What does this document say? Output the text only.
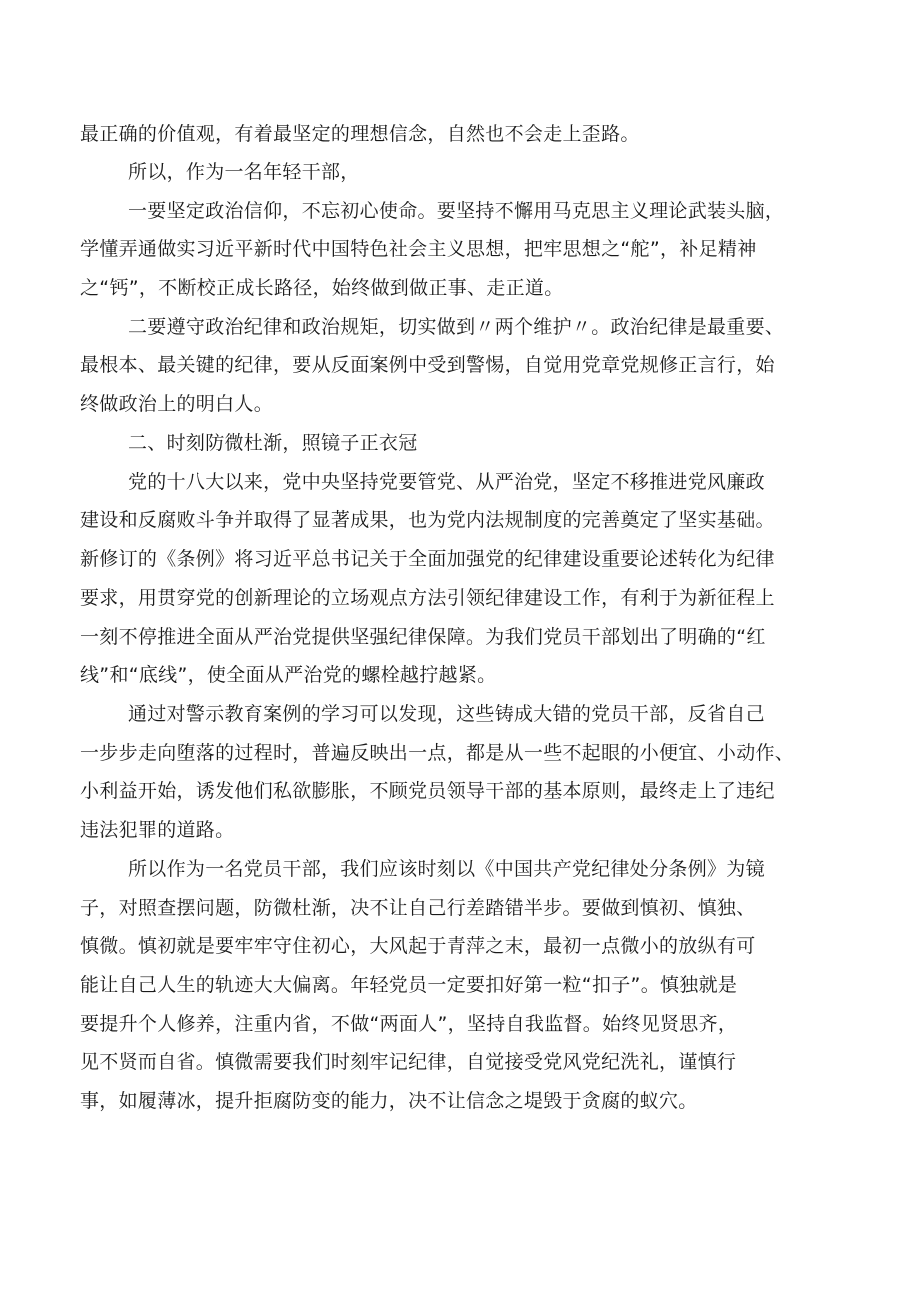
最正确的价值观，有着最坚定的理想信念，自然也不会走上歪路。
所以，作为一名年轻干部，
一要坚定政治信仰，不忘初心使命。要坚持不懈用马克思主义理论武装头脑，
学懂弄通做实习近平新时代中国特色社会主义思想，把牢思想之“舵”，补足精神
之“钙”，不断校正成长路径，始终做到做正事、走正道。
二要遵守政治纪律和政治规矩，切实做到〃两个维护〃。政治纪律是最重要、
最根本、最关键的纪律，要从反面案例中受到警惕，自觉用党章党规修正言行，始
终做政治上的明白人。
二、时刻防微杜渐，照镜子正衣冠
党的十八大以来，党中央坚持党要管党、从严治党，坚定不移推进党风廉政
建设和反腐败斗争并取得了显著成果，也为党内法规制度的完善奠定了坚实基础。
新修订的《条例》将习近平总书记关于全面加强党的纪律建设重要论述转化为纪律
要求，用贯穿党的创新理论的立场观点方法引领纪律建设工作，有利于为新征程上
一刻不停推进全面从严治党提供坚强纪律保障。为我们党员干部划出了明确的“红
线”和“底线”，使全面从严治党的螺栓越拧越紧。
通过对警示教育案例的学习可以发现，这些铸成大错的党员干部，反省自己
一步步走向堕落的过程时，普遍反映出一点，都是从一些不起眼的小便宜、小动作、
小利益开始，诱发他们私欲膨胀，不顾党员领导干部的基本原则，最终走上了违纪
违法犯罪的道路。
所以作为一名党员干部，我们应该时刻以《中国共产党纪律处分条例》为镜
子，对照查摆问题，防微杜渐，决不让自己行差踏错半步。要做到慎初、慎独、
慎微。慎初就是要牢牢守住初心，大风起于青萍之末，最初一点微小的放纵有可
能让自己人生的轨迹大大偏离。年轻党员一定要扣好第一粒“扣子”。慎独就是
要提升个人修养，注重内省，不做“两面人”，坚持自我监督。始终见贤思齐，
见不贤而自省。慎微需要我们时刻牢记纪律，自觉接受党风党纪洗礼，谨慎行
事，如履薄冰，提升拒腐防变的能力，决不让信念之堤毁于贪腐的蚁穴。
